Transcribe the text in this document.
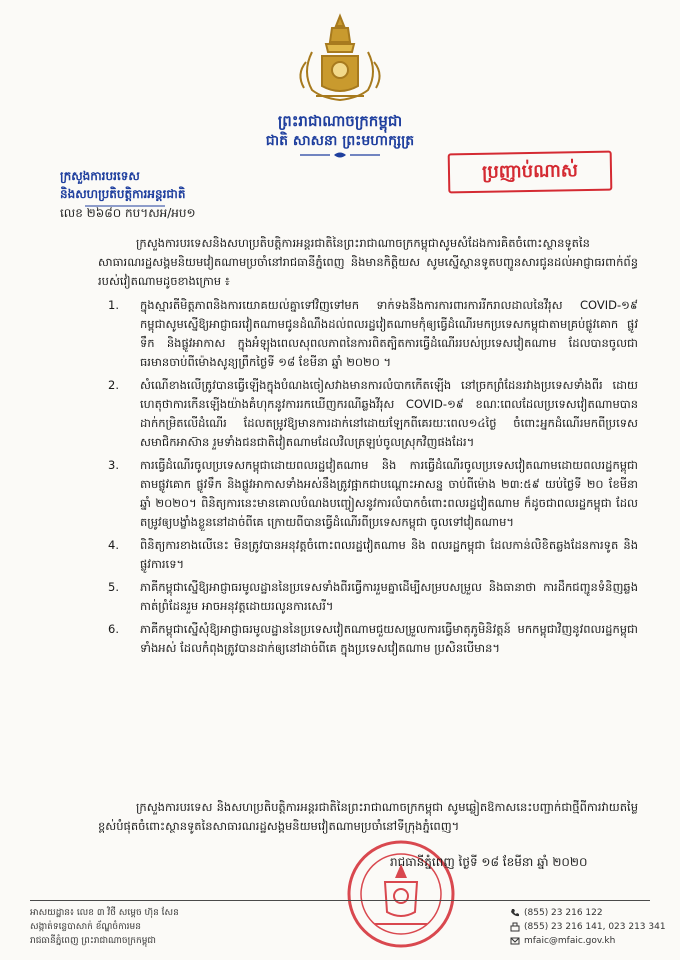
ព្រះរាជាណាចក្រកម្ពុជា
ជាតិ សាសនា ព្រះមហាក្សត្រ
ក្រសួងការបរទេស
និងសហប្រតិបត្តិការអន្តរជាតិ
លេខ ២៦៨០ កប។សអ/អប១
ប្រញាប់ណាស់
ក្រសួងការបរទេសនិងសហប្រតិបត្តិការអន្តរជាតិនៃព្រះរាជាណាចក្រកម្ពុជាសូមសំដែងការគិតចំពោះស្ថានទូតនៃសាធារណរដ្ឋសង្គមនិយមវៀតណាមប្រចាំនៅរាជធានីភ្នំពេញ និងមានកិត្តិយស សូមស្នើស្ថានទូតបញ្ជូនសារជូនដល់អាជ្ញាធរពាក់ព័ន្ធរបស់វៀតណាមដូចខាងក្រោម ៖
1. ក្នុងស្មារតីមិត្តភាពនិងការយោគយល់គ្នាទៅវិញទៅមក ទាក់ទងនឹងការការពារការរីករាលដាលនៃវីរុស COVID-១៩ កម្ពុជាសូមស្នើឱ្យអាជ្ញាធរវៀតណាមជូនដំណឹងដល់ពលរដ្ឋវៀតណាមកុំឲ្យធ្វើដំណើរមកប្រទេសកម្ពុជាតាមគ្រប់ផ្លូវគោក ផ្លូវទឹក និងផ្លូវអាកាស ក្នុងអំឡុងពេលសុពលភាពនៃការពិតត្បិតការធ្វើដំណើររបស់ប្រទេសវៀតណាម ដែលបានចូលជាធរមានចាប់ពីម៉ោងសូន្យព្រឹកថ្ងៃទី ១៨ ខែមីនា ឆ្នាំ ២០២០ ។
2. សំណើខាងលើត្រូវបានធ្វើឡើងក្នុងបំណងចៀសវាងមានការលំបាកកើតឡើង នៅច្រកព្រំដែនរវាងប្រទេសទាំងពីរ ដោយហេតុថាការកើនឡើងយ៉ាងគំហុកនូវការរកឃើញករណីឆ្លងវីរុស COVID-១៩ ខណៈពេលដែលប្រទេសវៀតណាមបានដាក់កម្រិតលើដំណើរ ដែលតម្រូវឱ្យមានការដាក់នៅដោយឡែកពីគេរយៈពេល១៤ថ្ងៃ ចំពោះអ្នកដំណើរមកពីប្រទេសសមាជិកអាស៊ាន រួមទាំងជនជាតិវៀតណាមដែលវិលត្រឡប់ចូលស្រុកវិញផងដែរ។
3. ការធ្វើដំណើរចូលប្រទេសកម្ពុជាដោយពលរដ្ឋវៀតណាម និង ការធ្វើដំណើរចូលប្រទេសវៀតណាមដោយពលរដ្ឋកម្ពុជា តាមផ្លូវគោក ផ្លូវទឹក និងផ្លូវអាកាសទាំងអស់នឹងត្រូវផ្អាកជាបណ្ដោះអាសន្ន ចាប់ពីម៉ោង ២៣:៥៩ យប់ថ្ងៃទី ២០ ខែមីនា ឆ្នាំ ២០២០។ ពិនិត្យការនេះមានគោលបំណងបញ្ចៀសនូវការលំបាកចំពោះពលរដ្ឋវៀតណាម ក៏ដូចជាពលរដ្ឋកម្ពុជា ដែលតម្រូវឲ្យបង្ខាំងខ្លួននៅដាច់ពីគេ ក្រោយពីបានធ្វើដំណើរពីប្រទេសកម្ពុជា ចូលទៅវៀតណាម។
4. ពិនិត្យការខាងលើនេះ មិនត្រូវបានអនុវត្តចំពោះពលរដ្ឋវៀតណាម និង ពលរដ្ឋកម្ពុជា ដែលកាន់លិខិតឆ្លងដែនការទូត និងផ្លូវការទេ។
5. ភាគីកម្ពុជាស្នើឱ្យអាជ្ញាធរមូលដ្ឋាននៃប្រទេសទាំងពីរធ្វើការរួមគ្នាដើម្បីសម្របសម្រួល និងធានាថា ការដឹកជញ្ជូនទំនិញឆ្លងកាត់ព្រំដែនរួម អាចអនុវត្តដោយរលូនការសេរី។
6. ភាគីកម្ពុជាស្នើសុំឱ្យអាជ្ញាធរមូលដ្ឋាននៃប្រទេសវៀតណាមជួយសម្រួលការធ្វើមាតុភូមិនិវត្តន៍ មកកម្ពុជាវិញនូវពលរដ្ឋកម្ពុជាទាំងអស់ ដែលកំពុងត្រូវបានដាក់ឲ្យនៅដាច់ពីគេ ក្នុងប្រទេសវៀតណាម ប្រសិនបើមាន។
ក្រសួងការបរទេស និងសហប្រតិបត្តិការអន្តរជាតិនៃព្រះរាជាណាចក្រកម្ពុជា សូមឆ្លៀតឱកាសនេះបញ្ជាក់ជាថ្មីពីការវាយតម្លៃខ្ពស់បំផុតចំពោះស្ថានទូតនៃសាធារណរដ្ឋសង្គមនិយមវៀតណាមប្រចាំនៅទីក្រុងភ្នំពេញ។
រាជធានីភ្នំពេញ ថ្ងៃទី ១៨ ខែមីនា ឆ្នាំ ២០២០
អាសយដ្ឋាន៖ លេខ ៣ វិថី សម្ដេច ហ៊ុន សែន
សង្កាត់ទន្លេបាសាក់ ខ័ណ្ឌចំការមន
រាជធានីភ្នំពេញ ព្រះរាជាណាចក្រកម្ពុជា
(855) 23 216 122
(855) 23 216 141, 023 213 341
mfaic@mfaic.gov.kh
